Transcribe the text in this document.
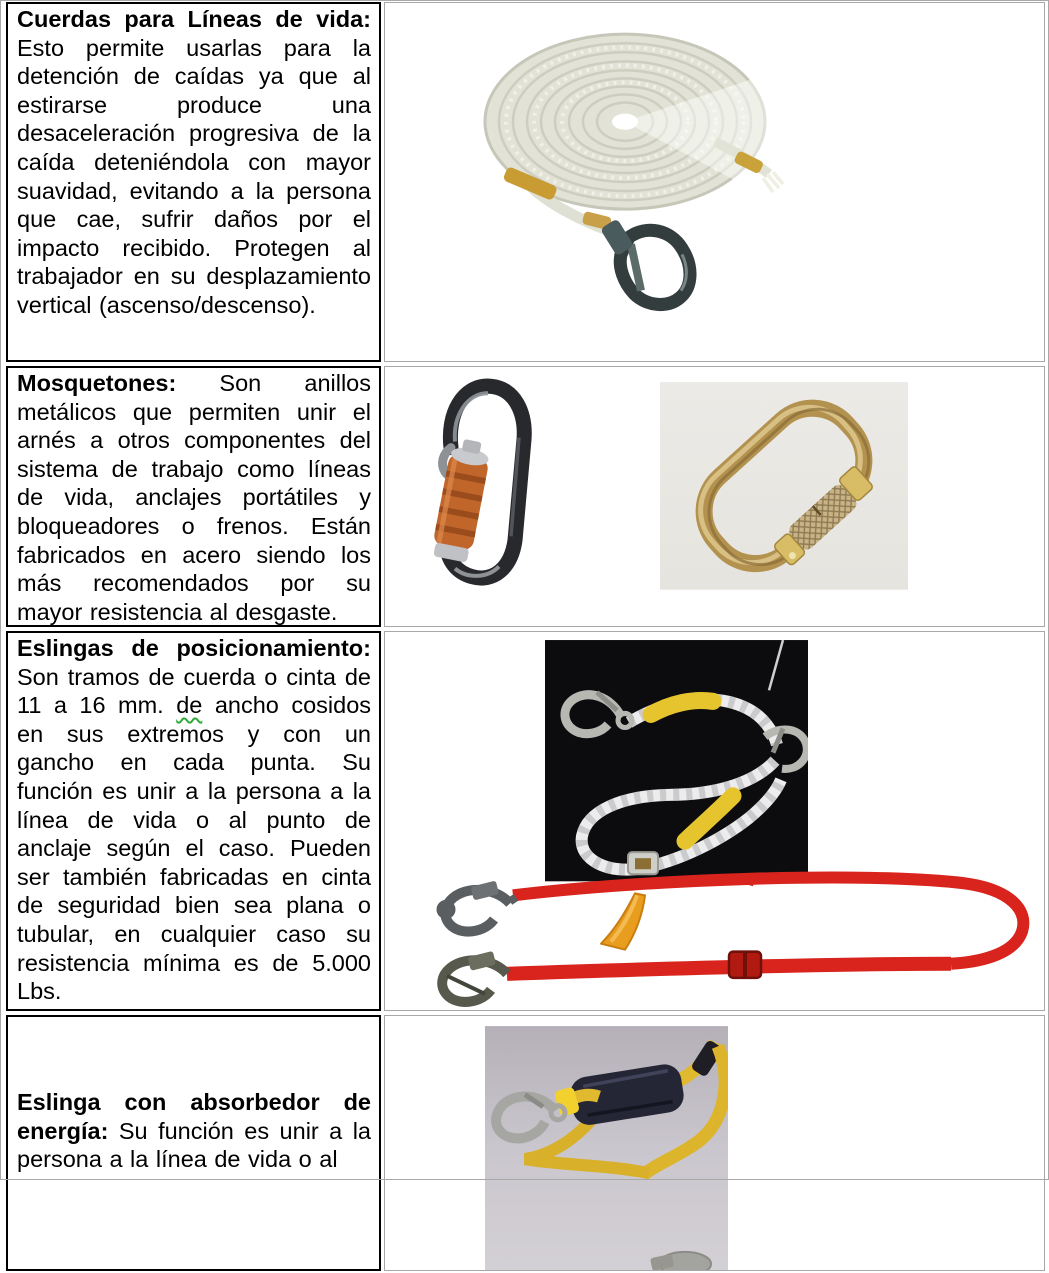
Cuerdas para Líneas de vida: Esto permite usarlas para la detención de caídas ya que al estirarse produce una desaceleración progresiva de la caída deteniéndola con mayor suavidad, evitando a la persona que cae, sufrir daños por el impacto recibido. Protegen al trabajador en su desplazamiento vertical (ascenso/descenso).

Mosquetones: Son anillos metálicos que permiten unir el arnés a otros componentes del sistema de trabajo como líneas de vida, anclajes portátiles y bloqueadores o frenos. Están fabricados en acero siendo los más recomendados por su mayor resistencia al desgaste.

Eslingas de posicionamiento: Son tramos de cuerda o cinta de 11 a 16 mm. de ancho cosidos en sus extremos y con un gancho en cada punta. Su función es unir a la persona a la línea de vida o al punto de anclaje según el caso. Pueden ser también fabricadas en cinta de seguridad bien sea plana o tubular, en cualquier caso su resistencia mínima es de 5.000 Lbs.

Eslinga con absorbedor de energía: Su función es unir a la persona a la línea de vida o al
